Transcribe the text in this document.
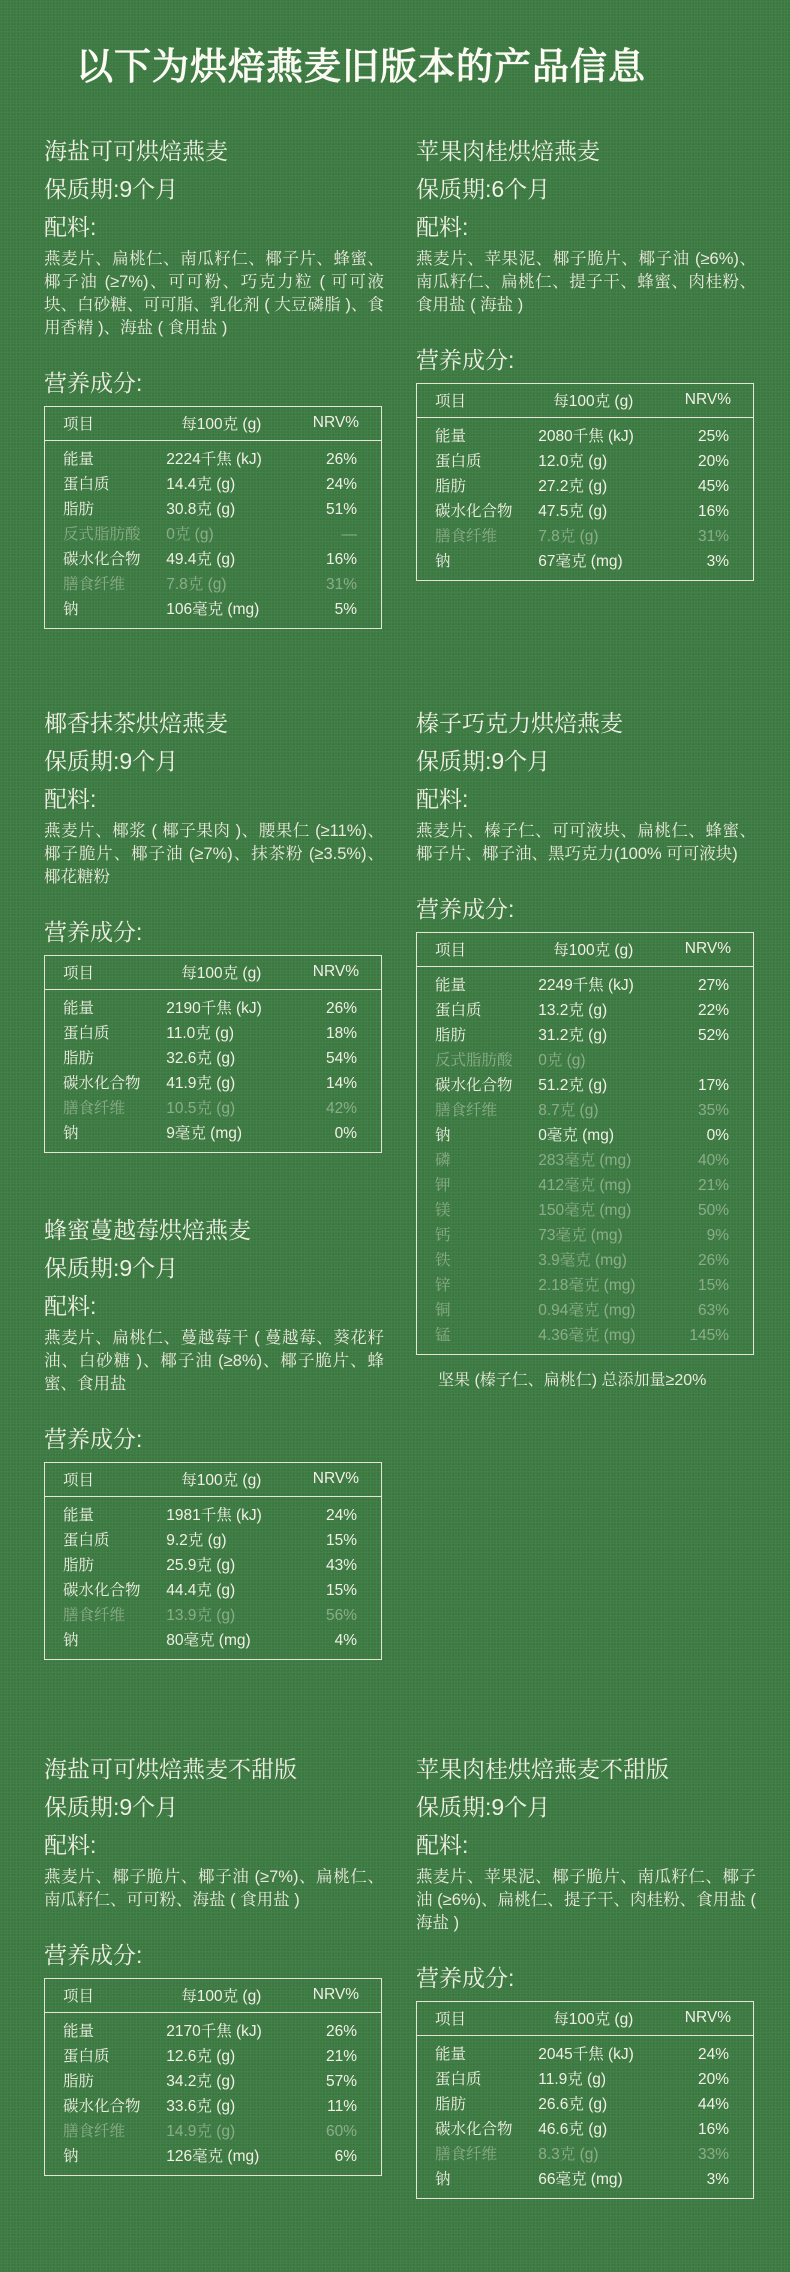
以下为烘焙燕麦旧版本的产品信息
海盐可可烘焙燕麦
保质期:9个月
配料:
燕麦片、扁桃仁、南瓜籽仁、椰子片、蜂蜜、椰子油 (≥7%)、可可粉、巧克力粒 ( 可可液块、白砂糖、可可脂、乳化剂 ( 大豆磷脂 )、食用香精 )、海盐 ( 食用盐 )
营养成分:
项目	每100克 (g)	NRV%
能量	2224千焦 (kJ)	26%
蛋白质	14.4克 (g)	24%
脂肪	30.8克 (g)	51%
反式脂肪酸	0克 (g)	—
碳水化合物	49.4克 (g)	16%
膳食纤维	7.8克 (g)	31%
钠	106毫克 (mg)	5%
苹果肉桂烘焙燕麦
保质期:6个月
配料:
燕麦片、苹果泥、椰子脆片、椰子油 (≥6%)、南瓜籽仁、扁桃仁、提子干、蜂蜜、肉桂粉、食用盐 ( 海盐 )
营养成分:
项目	每100克 (g)	NRV%
能量	2080千焦 (kJ)	25%
蛋白质	12.0克 (g)	20%
脂肪	27.2克 (g)	45%
碳水化合物	47.5克 (g)	16%
膳食纤维	7.8克 (g)	31%
钠	67毫克 (mg)	3%
椰香抹茶烘焙燕麦
保质期:9个月
配料:
燕麦片、椰浆 ( 椰子果肉 )、腰果仁 (≥11%)、椰子脆片、椰子油 (≥7%)、抹茶粉 (≥3.5%)、椰花糖粉
营养成分:
项目	每100克 (g)	NRV%
能量	2190千焦 (kJ)	26%
蛋白质	11.0克 (g)	18%
脂肪	32.6克 (g)	54%
碳水化合物	41.9克 (g)	14%
膳食纤维	10.5克 (g)	42%
钠	9毫克 (mg)	0%
榛子巧克力烘焙燕麦
保质期:9个月
配料:
燕麦片、榛子仁、可可液块、扁桃仁、蜂蜜、椰子片、椰子油、黑巧克力(100% 可可液块)
营养成分:
项目	每100克 (g)	NRV%
能量	2249千焦 (kJ)	27%
蛋白质	13.2克 (g)	22%
脂肪	31.2克 (g)	52%
反式脂肪酸	0克 (g)	
碳水化合物	51.2克 (g)	17%
膳食纤维	8.7克 (g)	35%
钠	0毫克 (mg)	0%
磷	283毫克 (mg)	40%
钾	412毫克 (mg)	21%
镁	150毫克 (mg)	50%
钙	73毫克 (mg)	9%
铁	3.9毫克 (mg)	26%
锌	2.18毫克 (mg)	15%
铜	0.94毫克 (mg)	63%
锰	4.36毫克 (mg)	145%
坚果 (榛子仁、扁桃仁) 总添加量≥20%
蜂蜜蔓越莓烘焙燕麦
保质期:9个月
配料:
燕麦片、扁桃仁、蔓越莓干 ( 蔓越莓、葵花籽油、白砂糖 )、椰子油 (≥8%)、椰子脆片、蜂蜜、食用盐
营养成分:
项目	每100克 (g)	NRV%
能量	1981千焦 (kJ)	24%
蛋白质	9.2克 (g)	15%
脂肪	25.9克 (g)	43%
碳水化合物	44.4克 (g)	15%
膳食纤维	13.9克 (g)	56%
钠	80毫克 (mg)	4%
海盐可可烘焙燕麦不甜版
保质期:9个月
配料:
燕麦片、椰子脆片、椰子油 (≥7%)、扁桃仁、南瓜籽仁、可可粉、海盐 ( 食用盐 )
营养成分:
项目	每100克 (g)	NRV%
能量	2170千焦 (kJ)	26%
蛋白质	12.6克 (g)	21%
脂肪	34.2克 (g)	57%
碳水化合物	33.6克 (g)	11%
膳食纤维	14.9克 (g)	60%
钠	126毫克 (mg)	6%
苹果肉桂烘焙燕麦不甜版
保质期:9个月
配料:
燕麦片、苹果泥、椰子脆片、南瓜籽仁、椰子油 (≥6%)、扁桃仁、提子干、肉桂粉、食用盐 ( 海盐 )
营养成分:
项目	每100克 (g)	NRV%
能量	2045千焦 (kJ)	24%
蛋白质	11.9克 (g)	20%
脂肪	26.6克 (g)	44%
碳水化合物	46.6克 (g)	16%
膳食纤维	8.3克 (g)	33%
钠	66毫克 (mg)	3%
